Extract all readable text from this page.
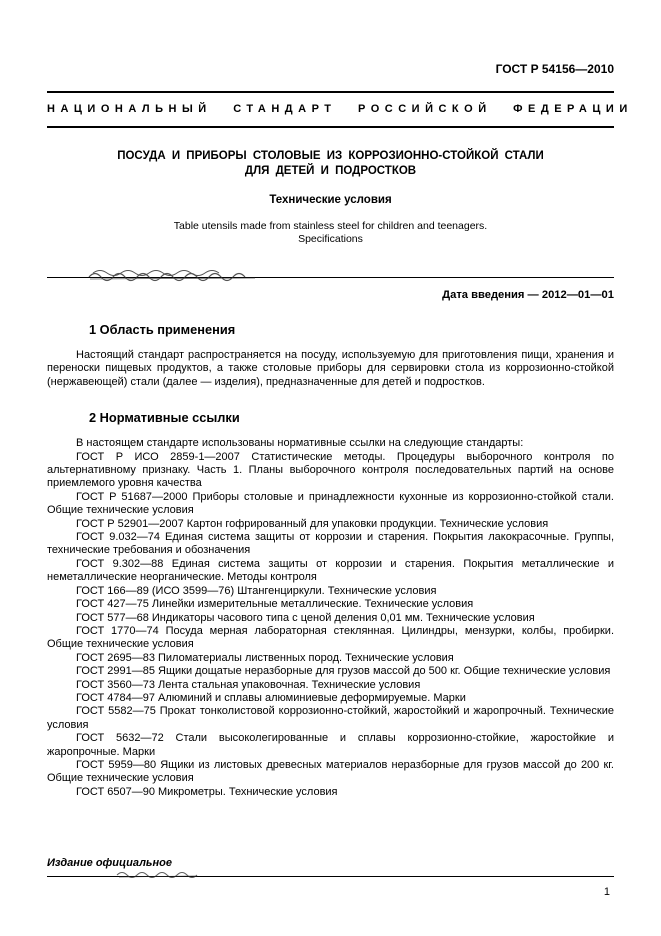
ГОСТ Р 54156—2010
НАЦИОНАЛЬНЫЙ СТАНДАРТ РОССИЙСКОЙ ФЕДЕРАЦИИ
ПОСУДА И ПРИБОРЫ СТОЛОВЫЕ ИЗ КОРРОЗИОННО-СТОЙКОЙ СТАЛИ
ДЛЯ ДЕТЕЙ И ПОДРОСТКОВ
Технические условия
Table utensils made from stainless steel for children and teenagers.
Specifications
Дата введения — 2012—01—01
1 Область применения

Настоящий стандарт распространяется на посуду, используемую для приготовления пищи, хранения и переноски пищевых продуктов, а также столовые приборы для сервировки стола из коррозионно-стойкой (нержавеющей) стали (далее — изделия), предназначенные для детей и подростков.

2 Нормативные ссылки

В настоящем стандарте использованы нормативные ссылки на следующие стандарты:

ГОСТ Р ИСО 2859-1—2007 Статистические методы. Процедуры выборочного контроля по альтернативному признаку. Часть 1. Планы выборочного контроля последовательных партий на основе приемлемого уровня качества

ГОСТ Р 51687—2000 Приборы столовые и принадлежности кухонные из коррозионно-стойкой стали. Общие технические условия

ГОСТ Р 52901—2007 Картон гофрированный для упаковки продукции. Технические условия

ГОСТ 9.032—74 Единая система защиты от коррозии и старения. Покрытия лакокрасочные. Группы, технические требования и обозначения

ГОСТ 9.302—88 Единая система защиты от коррозии и старения. Покрытия металлические и неметаллические неорганические. Методы контроля

ГОСТ 166—89 (ИСО 3599—76) Штангенциркули. Технические условия

ГОСТ 427—75 Линейки измерительные металлические. Технические условия

ГОСТ 577—68 Индикаторы часового типа с ценой деления 0,01 мм. Технические условия

ГОСТ 1770—74 Посуда мерная лабораторная стеклянная. Цилиндры, мензурки, колбы, пробирки. Общие технические условия

ГОСТ 2695—83 Пиломатериалы лиственных пород. Технические условия

ГОСТ 2991—85 Ящики дощатые неразборные для грузов массой до 500 кг. Общие технические условия

ГОСТ 3560—73 Лента стальная упаковочная. Технические условия

ГОСТ 4784—97 Алюминий и сплавы алюминиевые деформируемые. Марки

ГОСТ 5582—75 Прокат тонколистовой коррозионно-стойкий, жаростойкий и жаропрочный. Технические условия

ГОСТ 5632—72 Стали высоколегированные и сплавы коррозионно-стойкие, жаростойкие и жаропрочные. Марки

ГОСТ 5959—80 Ящики из листовых древесных материалов неразборные для грузов массой до 200 кг. Общие технические условия

ГОСТ 6507—90 Микрометры. Технические условия

Издание официальное
1
